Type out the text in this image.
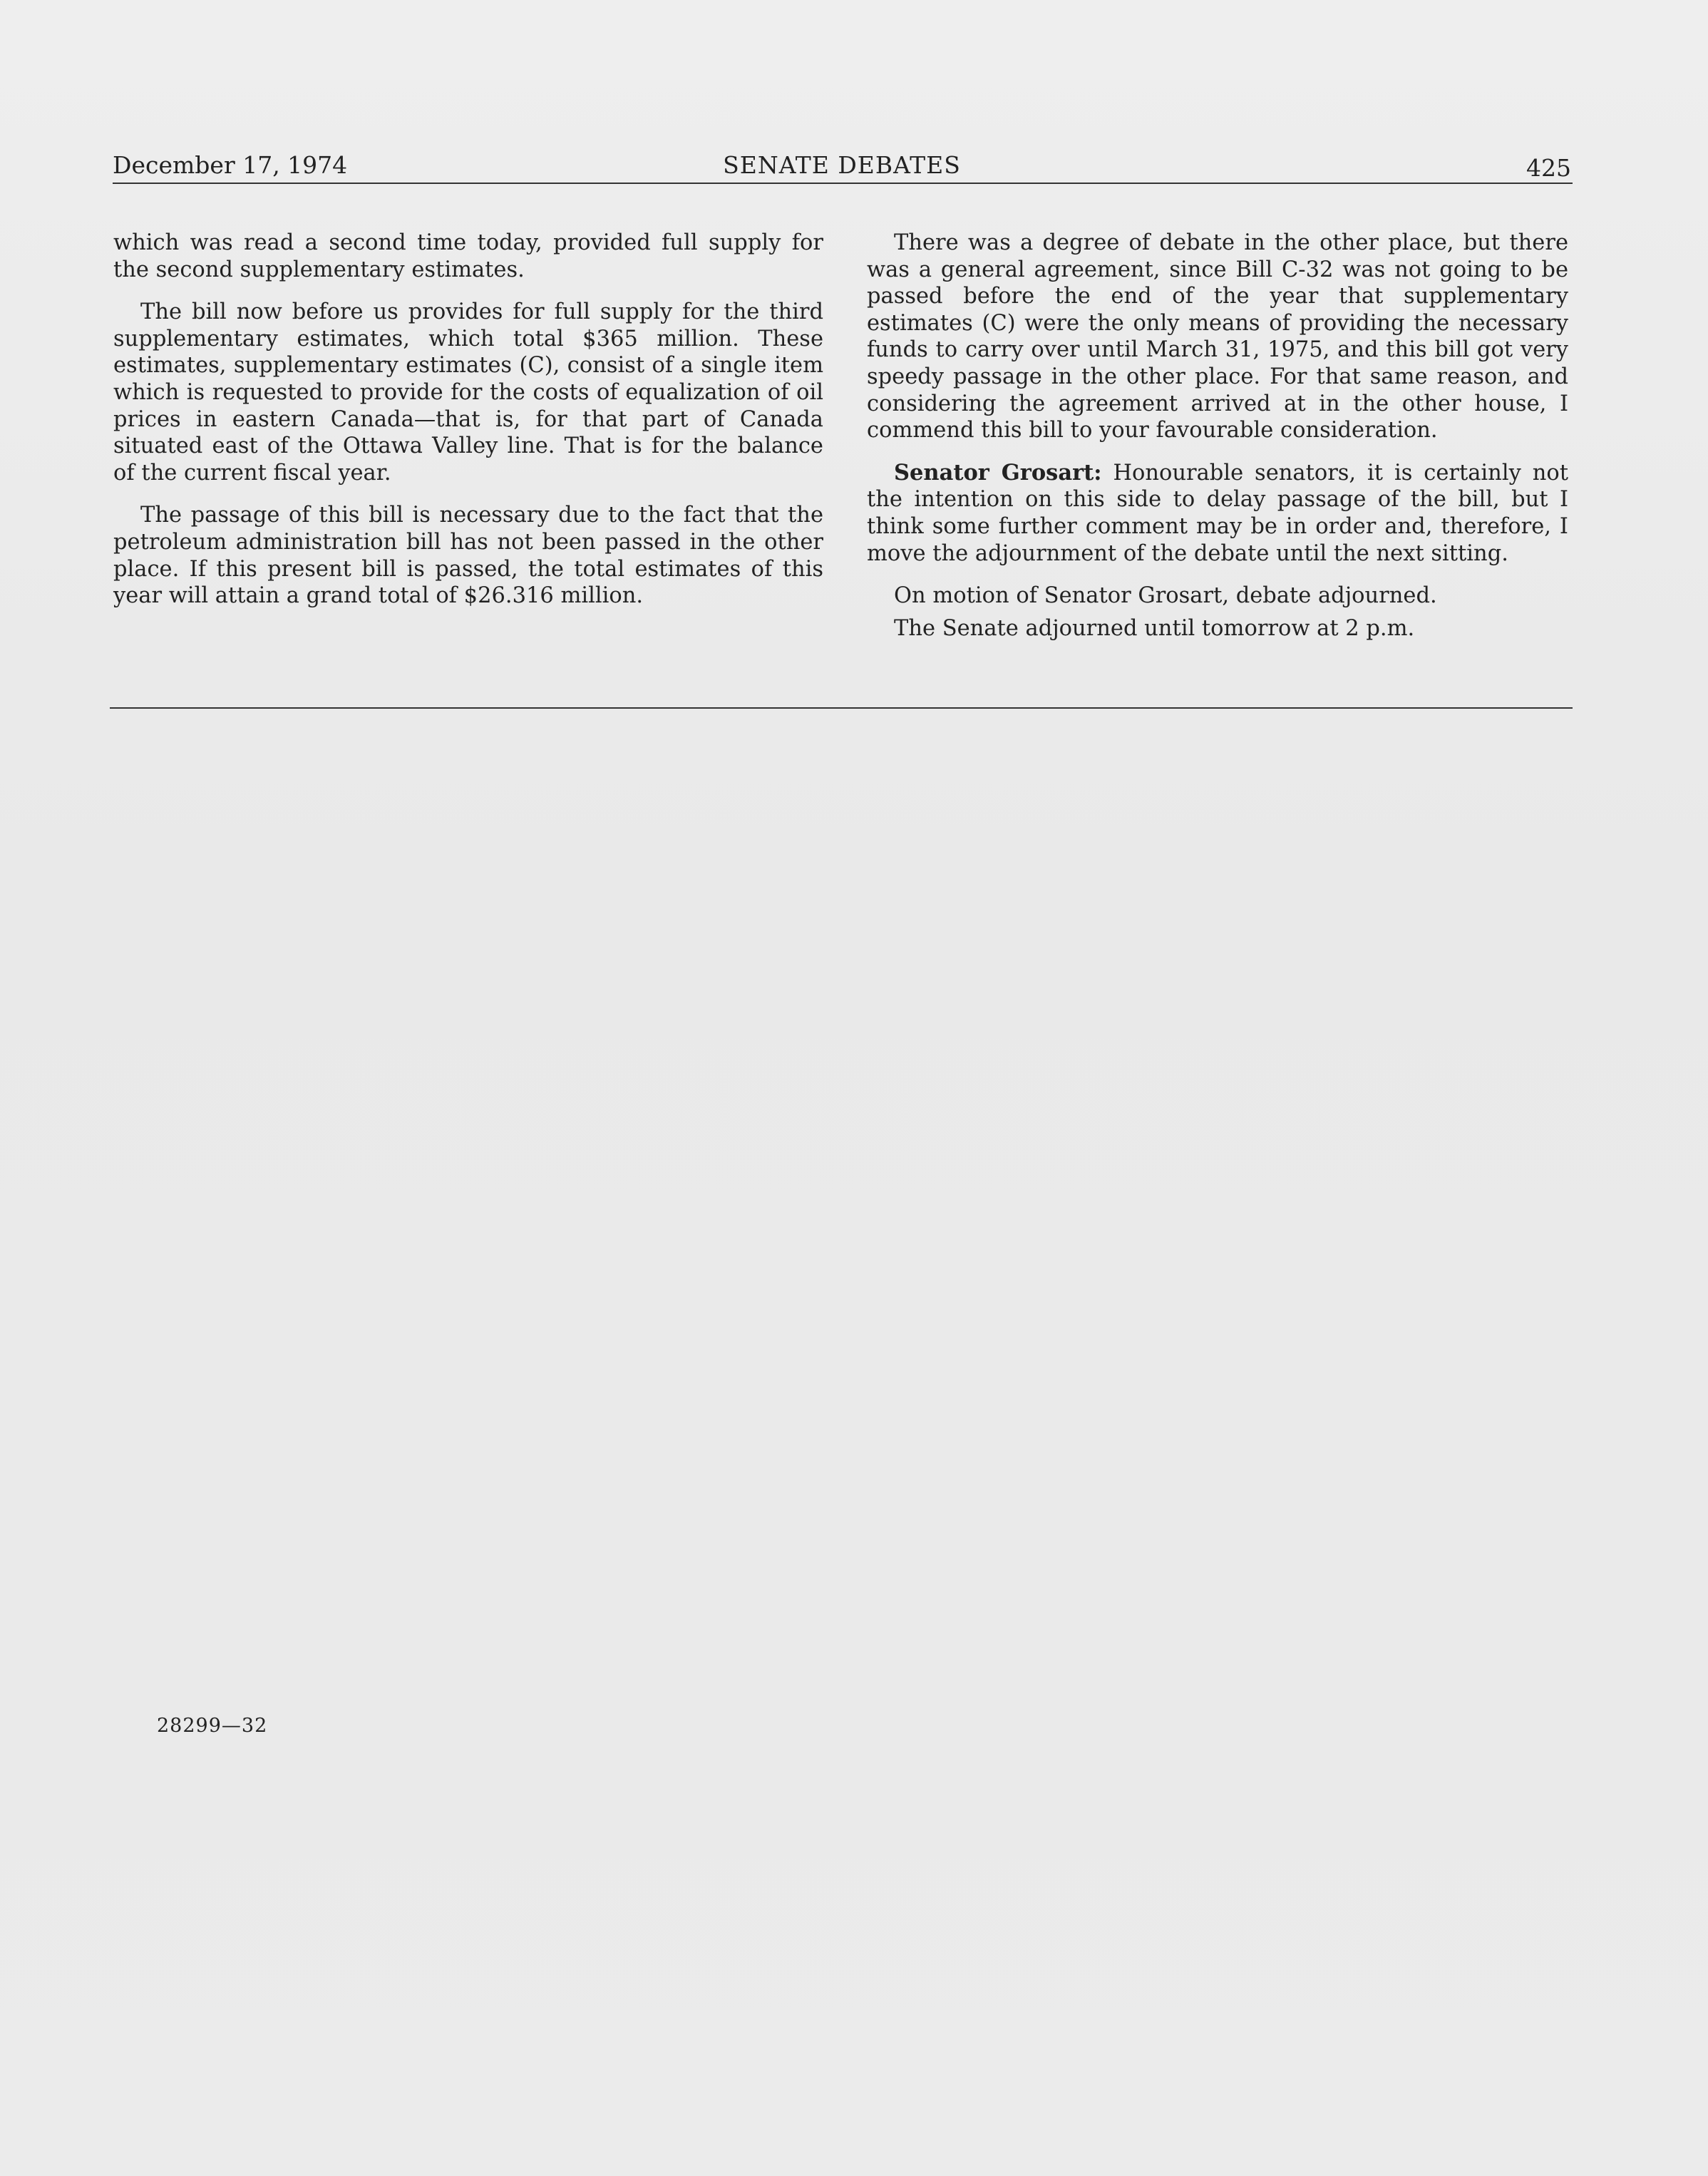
December 17, 1974	SENATE DEBATES	425

which was read a second time today, provided full supply for the second supplementary estimates.

The bill now before us provides for full supply for the third supplementary estimates, which total $365 million. These estimates, supplementary estimates (C), consist of a single item which is requested to provide for the costs of equalization of oil prices in eastern Canada—that is, for that part of Canada situated east of the Ottawa Valley line. That is for the balance of the current fiscal year.

The passage of this bill is necessary due to the fact that the petroleum administration bill has not been passed in the other place. If this present bill is passed, the total estimates of this year will attain a grand total of $26.316 million.

There was a degree of debate in the other place, but there was a general agreement, since Bill C-32 was not going to be passed before the end of the year that supplementary estimates (C) were the only means of providing the necessary funds to carry over until March 31, 1975, and this bill got very speedy passage in the other place. For that same reason, and considering the agreement arrived at in the other house, I commend this bill to your favourable consideration.

Senator Grosart: Honourable senators, it is certainly not the intention on this side to delay passage of the bill, but I think some further comment may be in order and, therefore, I move the adjournment of the debate until the next sitting.

On motion of Senator Grosart, debate adjourned.

The Senate adjourned until tomorrow at 2 p.m.

28299—32
